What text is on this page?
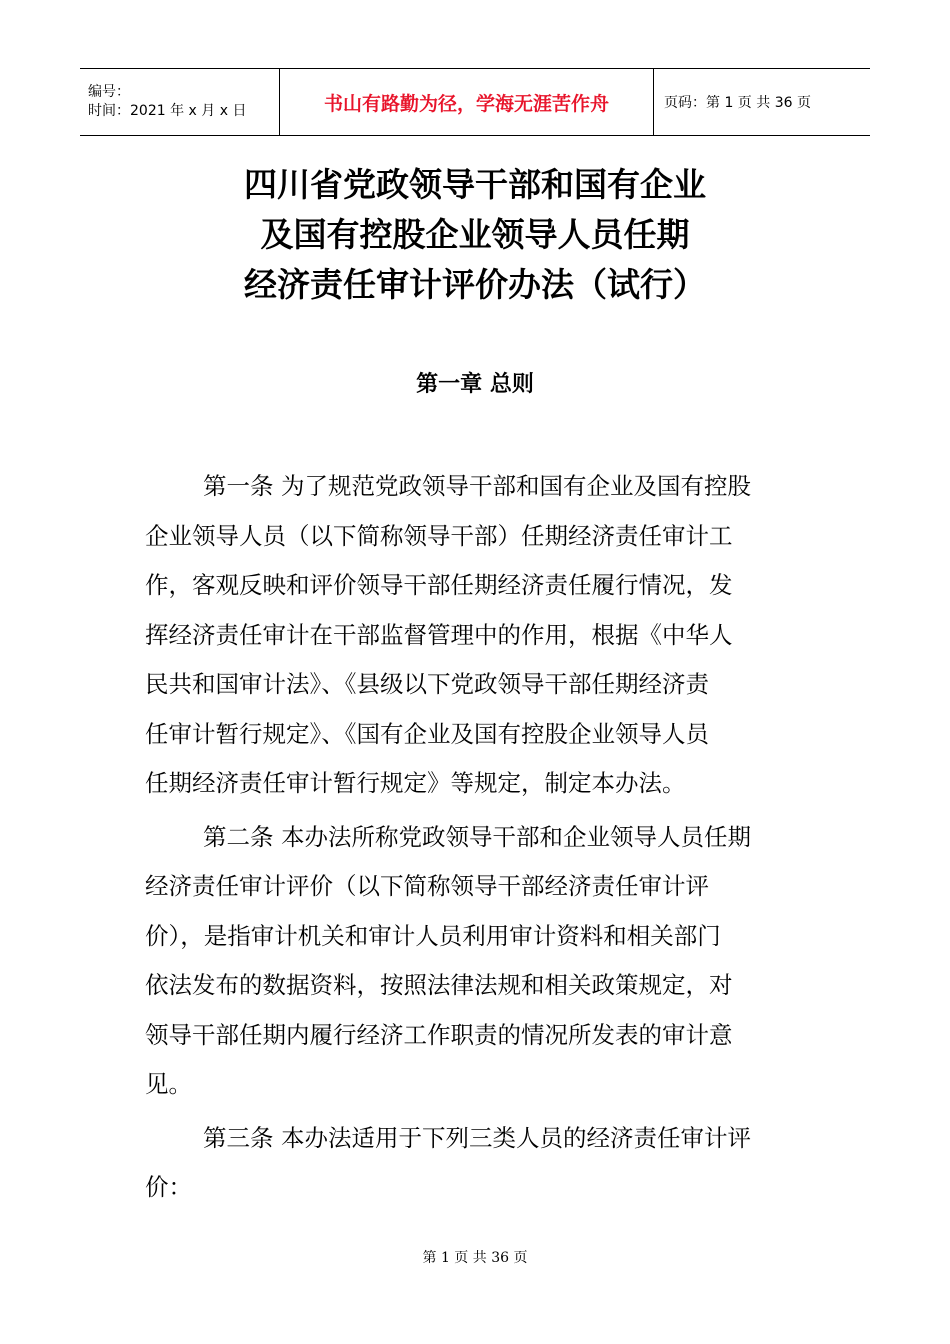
编号：
时间：2021 年 x 月 x 日	书山有路勤为径，学海无涯苦作舟	页码：第 1 页 共 36 页
四川省党政领导干部和国有企业
及国有控股企业领导人员任期
经济责任审计评价办法（试行）
第一章 总则
第一条 为了规范党政领导干部和国有企业及国有控股
企业领导人员（以下简称领导干部）任期经济责任审计工
作，客观反映和评价领导干部任期经济责任履行情况，发
挥经济责任审计在干部监督管理中的作用，根据《中华人
民共和国审计法》、《县级以下党政领导干部任期经济责
任审计暂行规定》、《国有企业及国有控股企业领导人员
任期经济责任审计暂行规定》等规定，制定本办法。
第二条 本办法所称党政领导干部和企业领导人员任期
经济责任审计评价（以下简称领导干部经济责任审计评
价），是指审计机关和审计人员利用审计资料和相关部门
依法发布的数据资料，按照法律法规和相关政策规定，对
领导干部任期内履行经济工作职责的情况所发表的审计意
见。
第三条 本办法适用于下列三类人员的经济责任审计评
价：
第 1 页 共 36 页
